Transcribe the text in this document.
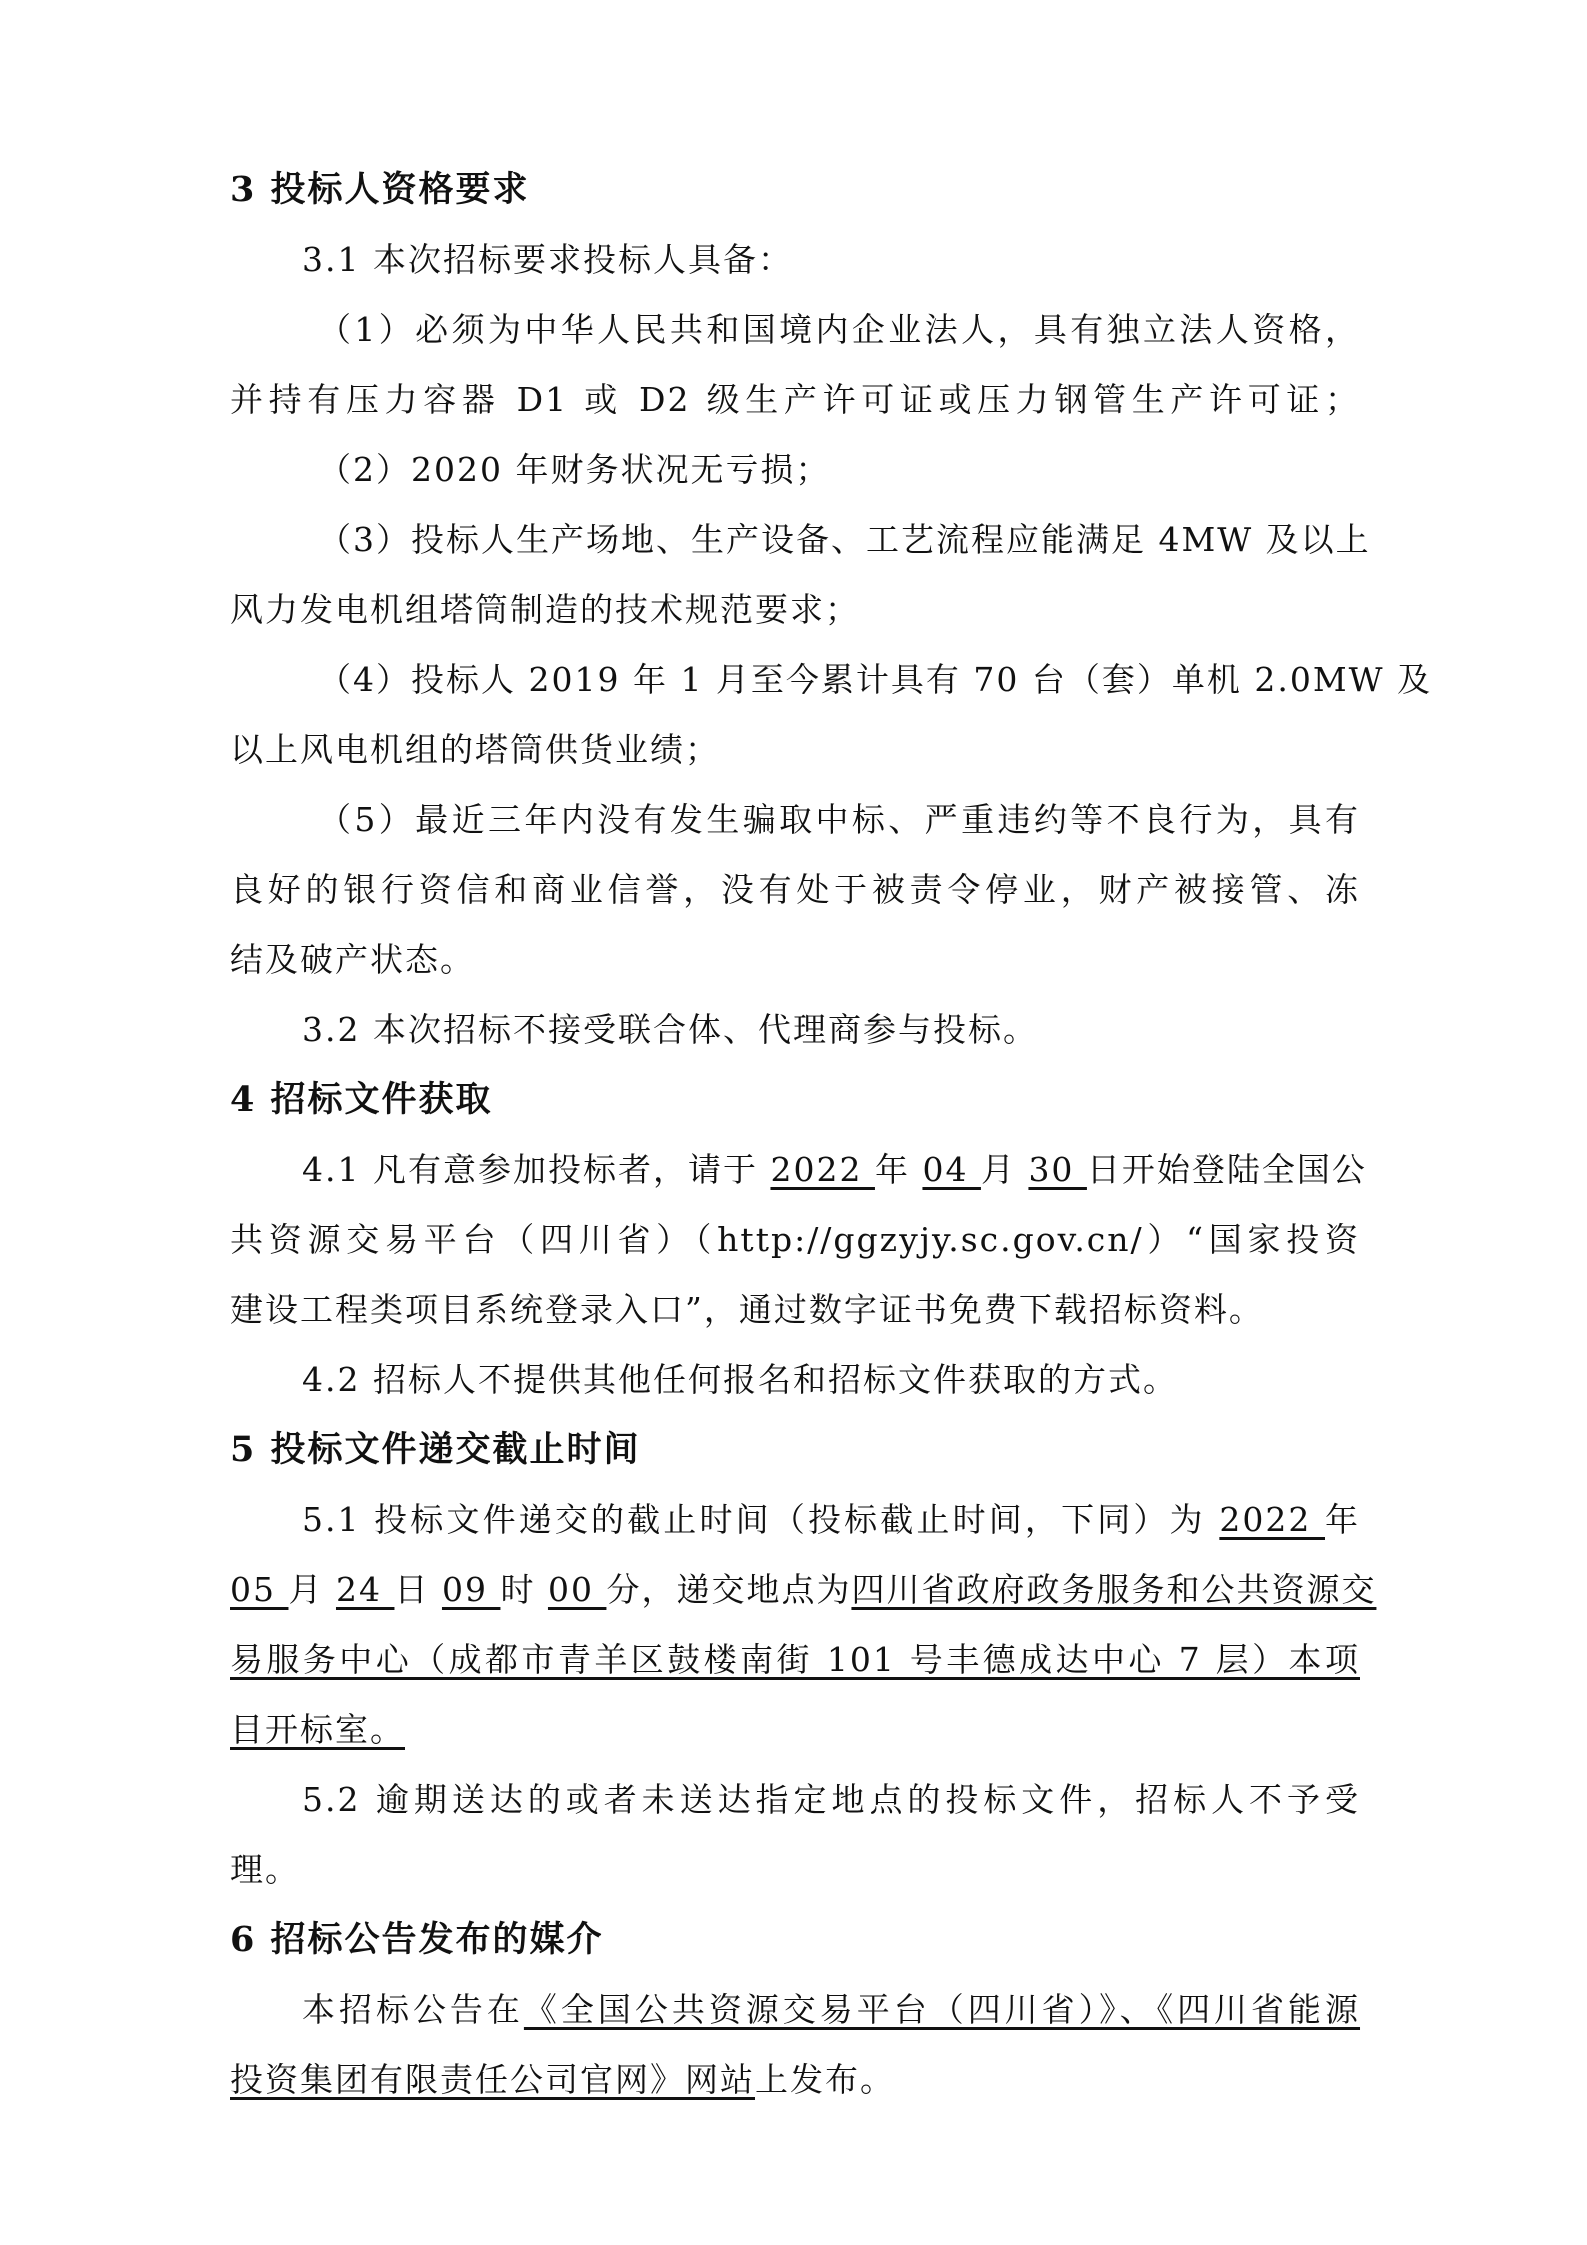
3 投标人资格要求
3.1 本次招标要求投标人具备：
（1）必须为中华人民共和国境内企业法人，具有独立法人资格，
并持有压力容器 D1 或 D2 级生产许可证或压力钢管生产许可证；
（2）2020 年财务状况无亏损；
（3）投标人生产场地、生产设备、工艺流程应能满足 4MW 及以上
风力发电机组塔筒制造的技术规范要求；
（4）投标人 2019 年 1 月至今累计具有 70 台（套）单机 2.0MW 及
以上风电机组的塔筒供货业绩；
（5）最近三年内没有发生骗取中标、严重违约等不良行为，具有
良好的银行资信和商业信誉，没有处于被责令停业，财产被接管、冻
结及破产状态。
3.2 本次招标不接受联合体、代理商参与投标。
4 招标文件获取
4.1 凡有意参加投标者，请于 2022 年 04 月 30 日开始登陆全国公
共资源交易平台（四川省）（http://ggzyjy.sc.gov.cn/）“国家投资
建设工程类项目系统登录入口”，通过数字证书免费下载招标资料。
4.2 招标人不提供其他任何报名和招标文件获取的方式。
5 投标文件递交截止时间
5.1 投标文件递交的截止时间（投标截止时间，下同）为 2022 年
05 月 24 日 09 时 00 分，递交地点为四川省政府政务服务和公共资源交
易服务中心（成都市青羊区鼓楼南街 101 号丰德成达中心 7 层）本项
目开标室。
5.2 逾期送达的或者未送达指定地点的投标文件，招标人不予受
理。
6 招标公告发布的媒介
本招标公告在《全国公共资源交易平台（四川省）》、《四川省能源
投资集团有限责任公司官网》网站上发布。
